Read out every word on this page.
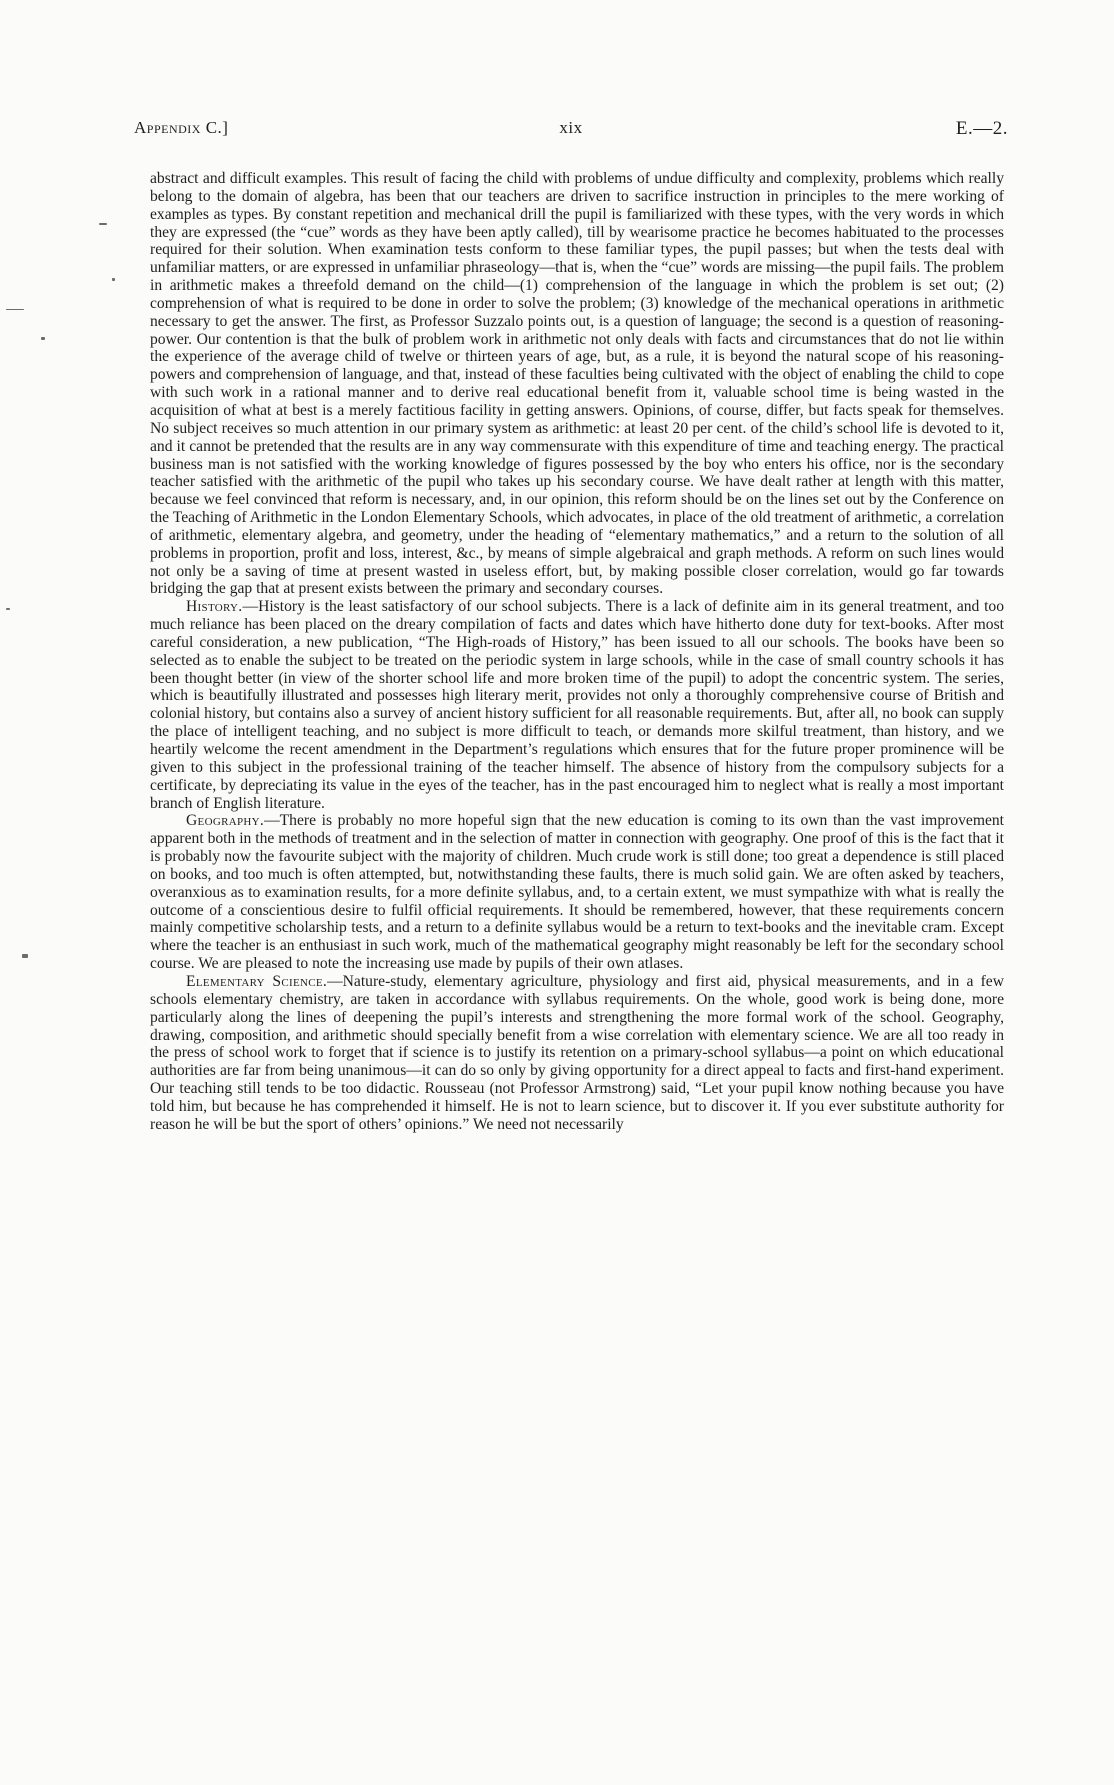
Appendix C.]	xix	E.—2.

abstract and difficult examples. This result of facing the child with problems of undue difficulty and complexity, problems which really belong to the domain of algebra, has been that our teachers are driven to sacrifice instruction in principles to the mere working of examples as types. By constant repetition and mechanical drill the pupil is familiarized with these types, with the very words in which they are expressed (the “cue” words as they have been aptly called), till by wearisome practice he becomes habituated to the processes required for their solution. When examination tests conform to these familiar types, the pupil passes; but when the tests deal with unfamiliar matters, or are expressed in unfamiliar phraseology—that is, when the “cue” words are missing—the pupil fails. The problem in arithmetic makes a threefold demand on the child—(1) comprehension of the language in which the problem is set out; (2) comprehension of what is required to be done in order to solve the problem; (3) knowledge of the mechanical operations in arithmetic necessary to get the answer. The first, as Professor Suzzalo points out, is a question of language; the second is a question of reasoning-power. Our contention is that the bulk of problem work in arithmetic not only deals with facts and circumstances that do not lie within the experience of the average child of twelve or thirteen years of age, but, as a rule, it is beyond the natural scope of his reasoning-powers and comprehension of language, and that, instead of these faculties being cultivated with the object of enabling the child to cope with such work in a rational manner and to derive real educational benefit from it, valuable school time is being wasted in the acquisition of what at best is a merely factitious facility in getting answers. Opinions, of course, differ, but facts speak for themselves. No subject receives so much attention in our primary system as arithmetic: at least 20 per cent. of the child’s school life is devoted to it, and it cannot be pretended that the results are in any way commensurate with this expenditure of time and teaching energy. The practical business man is not satisfied with the working knowledge of figures possessed by the boy who enters his office, nor is the secondary teacher satisfied with the arithmetic of the pupil who takes up his secondary course. We have dealt rather at length with this matter, because we feel convinced that reform is necessary, and, in our opinion, this reform should be on the lines set out by the Conference on the Teaching of Arithmetic in the London Elementary Schools, which advocates, in place of the old treatment of arithmetic, a correlation of arithmetic, elementary algebra, and geometry, under the heading of “elementary mathematics,” and a return to the solution of all problems in proportion, profit and loss, interest, &c., by means of simple algebraical and graph methods. A reform on such lines would not only be a saving of time at present wasted in useless effort, but, by making possible closer correlation, would go far towards bridging the gap that at present exists between the primary and secondary courses.

History.—History is the least satisfactory of our school subjects. There is a lack of definite aim in its general treatment, and too much reliance has been placed on the dreary compilation of facts and dates which have hitherto done duty for text-books. After most careful consideration, a new publication, “The High-roads of History,” has been issued to all our schools. The books have been so selected as to enable the subject to be treated on the periodic system in large schools, while in the case of small country schools it has been thought better (in view of the shorter school life and more broken time of the pupil) to adopt the concentric system. The series, which is beautifully illustrated and possesses high literary merit, provides not only a thoroughly comprehensive course of British and colonial history, but contains also a survey of ancient history sufficient for all reasonable requirements. But, after all, no book can supply the place of intelligent teaching, and no subject is more difficult to teach, or demands more skilful treatment, than history, and we heartily welcome the recent amendment in the Department’s regulations which ensures that for the future proper prominence will be given to this subject in the professional training of the teacher himself. The absence of history from the compulsory subjects for a certificate, by depreciating its value in the eyes of the teacher, has in the past encouraged him to neglect what is really a most important branch of English literature.

Geography.—There is probably no more hopeful sign that the new education is coming to its own than the vast improvement apparent both in the methods of treatment and in the selection of matter in connection with geography. One proof of this is the fact that it is probably now the favourite subject with the majority of children. Much crude work is still done; too great a dependence is still placed on books, and too much is often attempted, but, notwithstanding these faults, there is much solid gain. We are often asked by teachers, overanxious as to examination results, for a more definite syllabus, and, to a certain extent, we must sympathize with what is really the outcome of a conscientious desire to fulfil official requirements. It should be remembered, however, that these requirements concern mainly competitive scholarship tests, and a return to a definite syllabus would be a return to text-books and the inevitable cram. Except where the teacher is an enthusiast in such work, much of the mathematical geography might reasonably be left for the secondary school course. We are pleased to note the increasing use made by pupils of their own atlases.

Elementary Science.—Nature-study, elementary agriculture, physiology and first aid, physical measurements, and in a few schools elementary chemistry, are taken in accordance with syllabus requirements. On the whole, good work is being done, more particularly along the lines of deepening the pupil’s interests and strengthening the more formal work of the school. Geography, drawing, composition, and arithmetic should specially benefit from a wise correlation with elementary science. We are all too ready in the press of school work to forget that if science is to justify its retention on a primary-school syllabus—a point on which educational authorities are far from being unanimous—it can do so only by giving opportunity for a direct appeal to facts and first-hand experiment. Our teaching still tends to be too didactic. Rousseau (not Professor Armstrong) said, “Let your pupil know nothing because you have told him, but because he has comprehended it himself. He is not to learn science, but to discover it. If you ever substitute authority for reason he will be but the sport of others’ opinions.” We need not necessarily
